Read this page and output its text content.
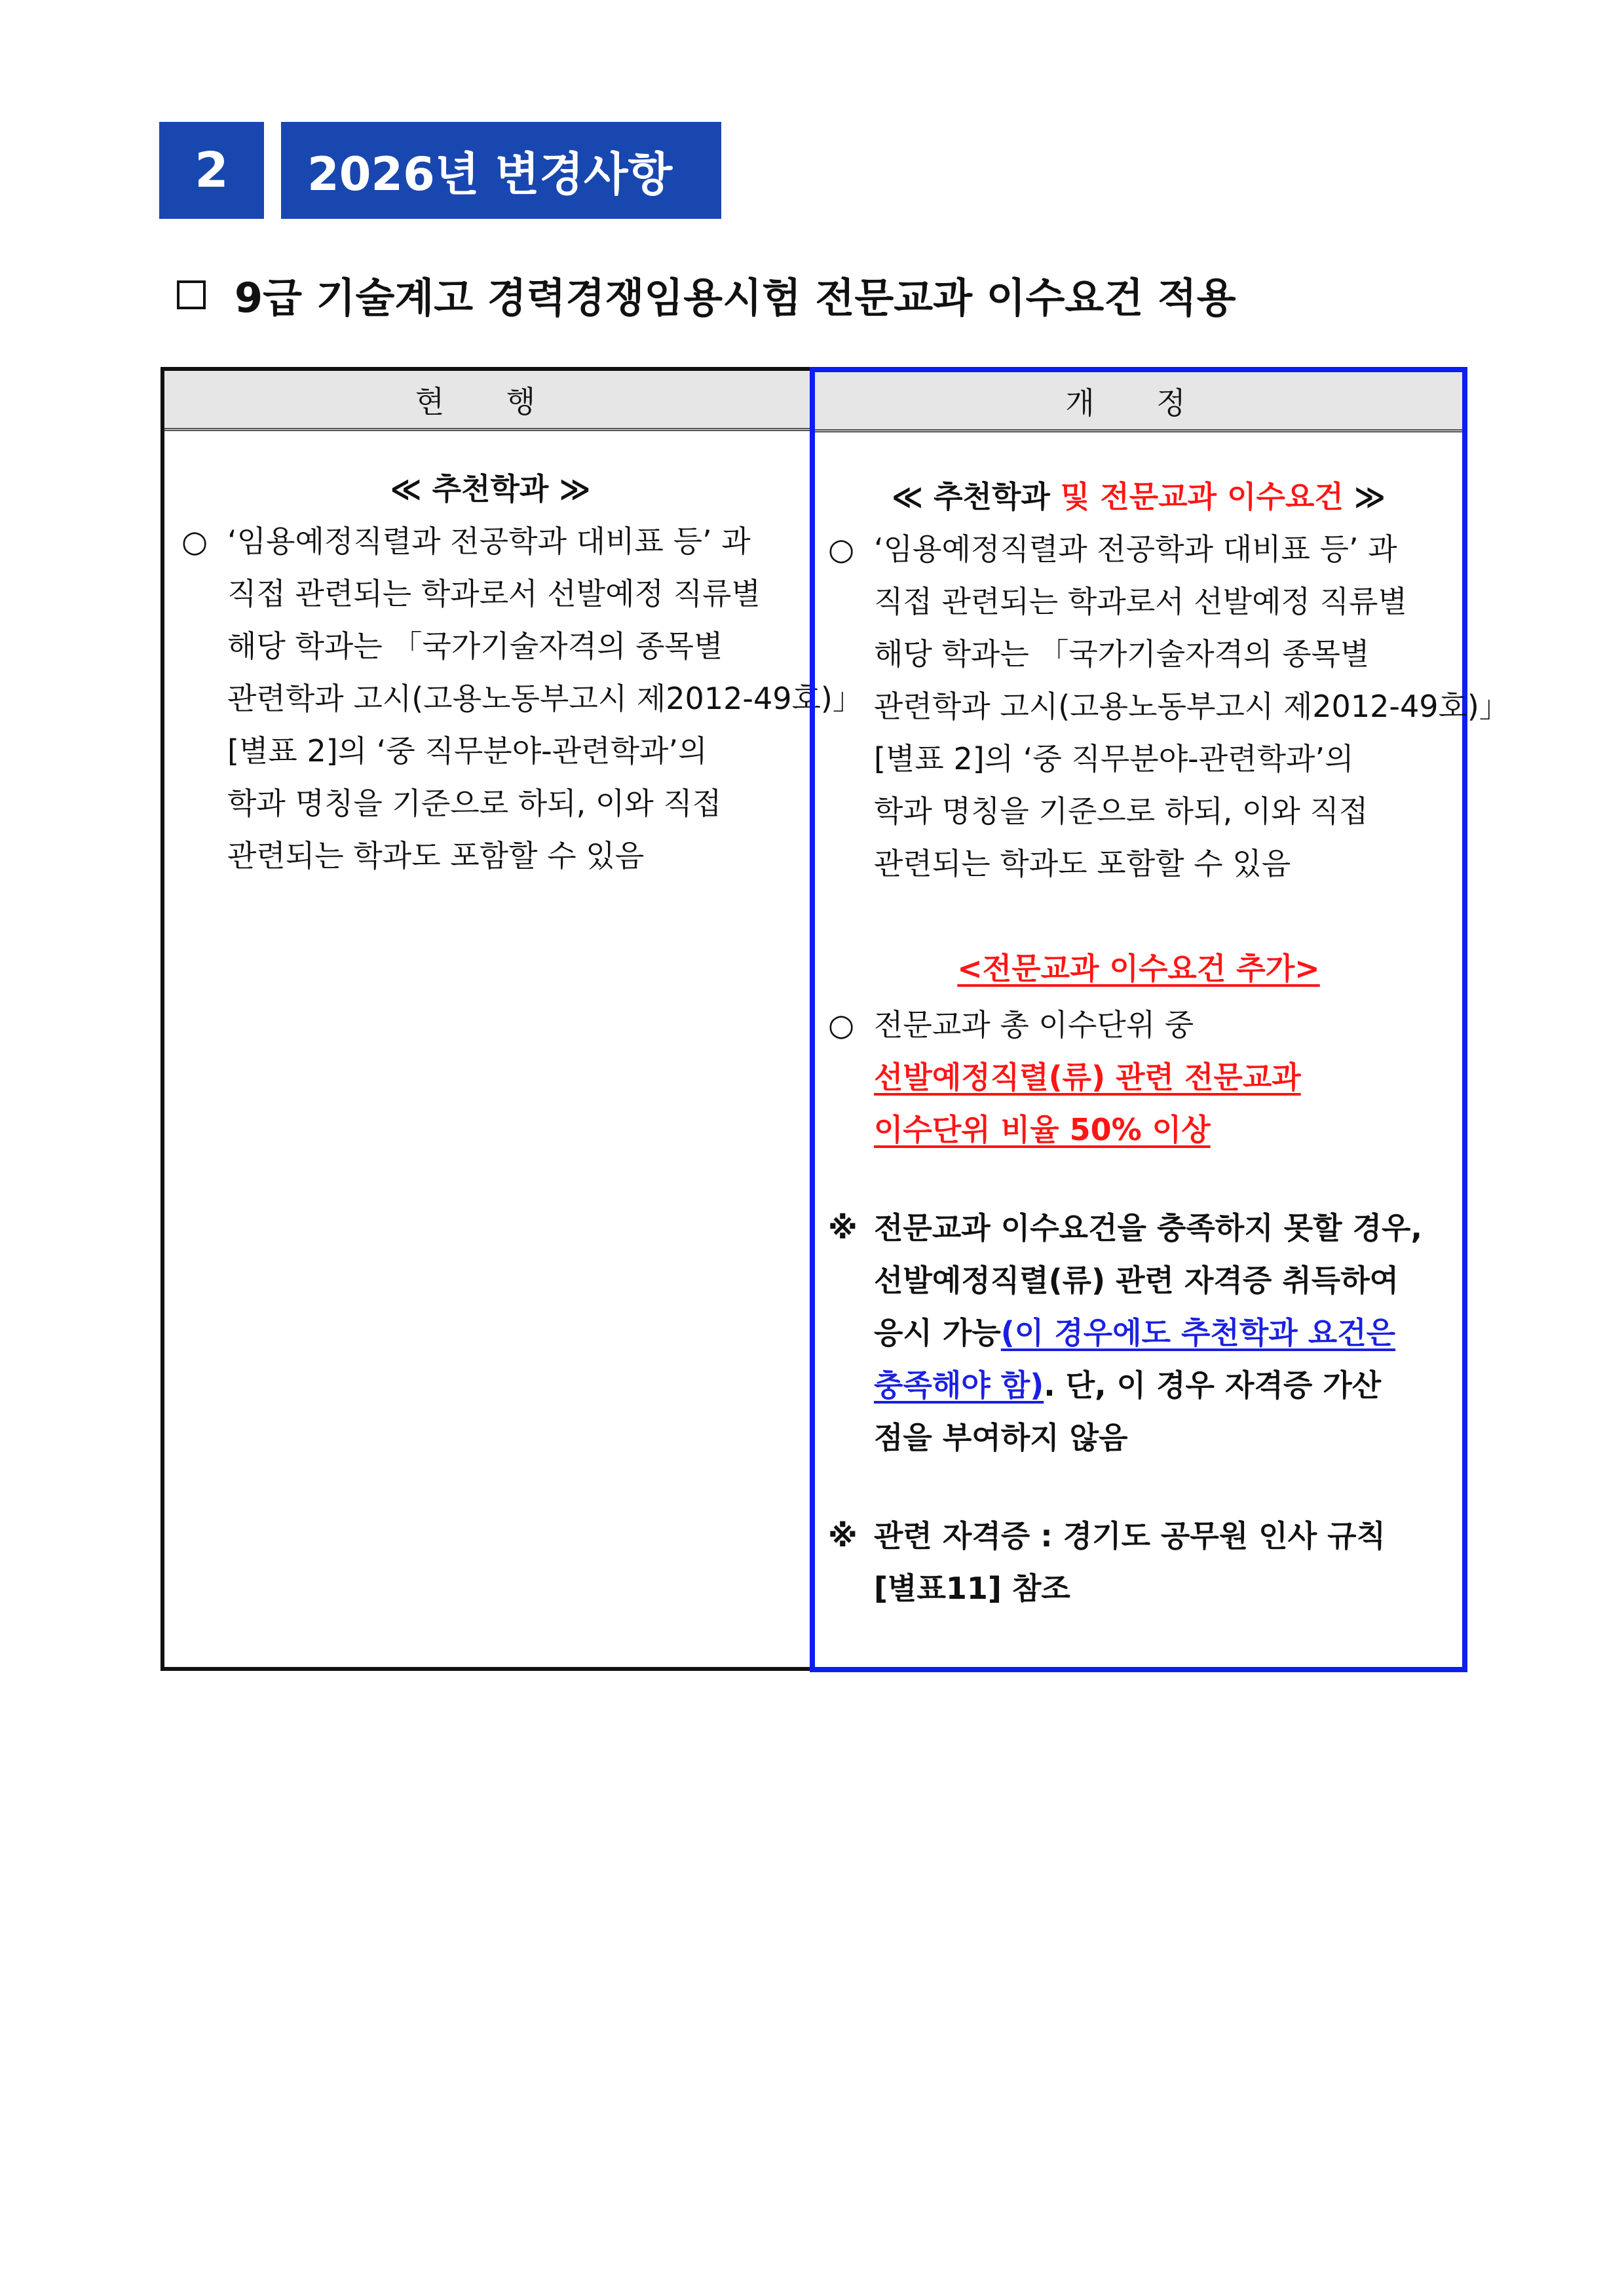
2	2026년 변경사항
9급 기술계고 경력경쟁임용시험 전문교과 이수요건 적용
현 행
≪ 추천학과 ≫
○ ‘임용예정직렬과 전공학과 대비표 등’ 과
직접 관련되는 학과로서 선발예정 직류별
해당 학과는 「국가기술자격의 종목별
관련학과 고시(고용노동부고시 제2012-49호)」
[별표 2]의 ‘중 직무분야-관련학과’의
학과 명칭을 기준으로 하되, 이와 직접
관련되는 학과도 포함할 수 있음
개 정
≪ 추천학과 및 전문교과 이수요건 ≫
○ ‘임용예정직렬과 전공학과 대비표 등’ 과
직접 관련되는 학과로서 선발예정 직류별
해당 학과는 「국가기술자격의 종목별
관련학과 고시(고용노동부고시 제2012-49호)」
[별표 2]의 ‘중 직무분야-관련학과’의
학과 명칭을 기준으로 하되, 이와 직접
관련되는 학과도 포함할 수 있음
<전문교과 이수요건 추가>
○ 전문교과 총 이수단위 중
선발예정직렬(류) 관련 전문교과
이수단위 비율 50% 이상
※ 전문교과 이수요건을 충족하지 못할 경우,
선발예정직렬(류) 관련 자격증 취득하여
응시 가능(이 경우에도 추천학과 요건은
충족해야 함). 단, 이 경우 자격증 가산
점을 부여하지 않음
※ 관련 자격증 : 경기도 공무원 인사 규칙
[별표11] 참조
